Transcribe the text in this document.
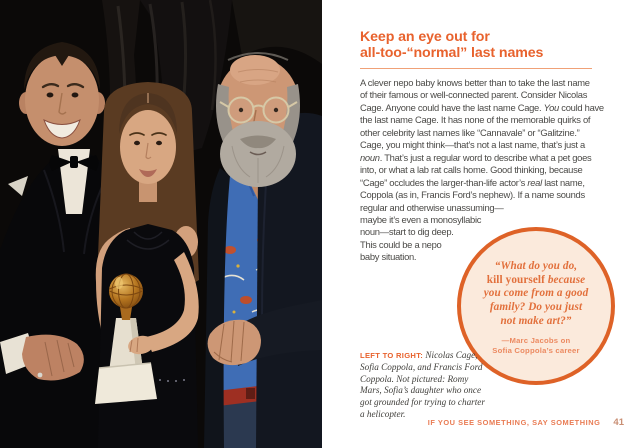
Keep an eye out for
all-too-“normal” last names
A clever nepo baby knows better than to take the last name
of their famous or well-connected parent. Consider Nicolas
Cage. Anyone could have the last name Cage. You could have
the last name Cage. It has none of the memorable quirks of
other celebrity last names like “Cannavale” or “Galitzine.”
Cage, you might think—that’s not a last name, that’s just a
noun. That’s just a regular word to describe what a pet goes
into, or what a lab rat calls home. Good thinking, because
“Cage” occludes the larger-than-life actor’s real last name,
Coppola (as in, Francis Ford’s nephew). If a name sounds
regular and otherwise unassuming—
maybe it’s even a monosyllabic
noun—start to dig deep.
This could be a nepo
baby situation.
“What do you do,
kill yourself because
you come from a good
family? Do you just
not make art?”
—Marc Jacobs on
Sofia Coppola’s career

LEFT TO RIGHT: Nicolas Cage, Sofia Coppola, and Francis Ford Coppola. Not pictured: Romy Mars, Sofia’s daughter who once got grounded for trying to charter a helicopter.

IF YOU SEE SOMETHING, SAY SOMETHING 41
